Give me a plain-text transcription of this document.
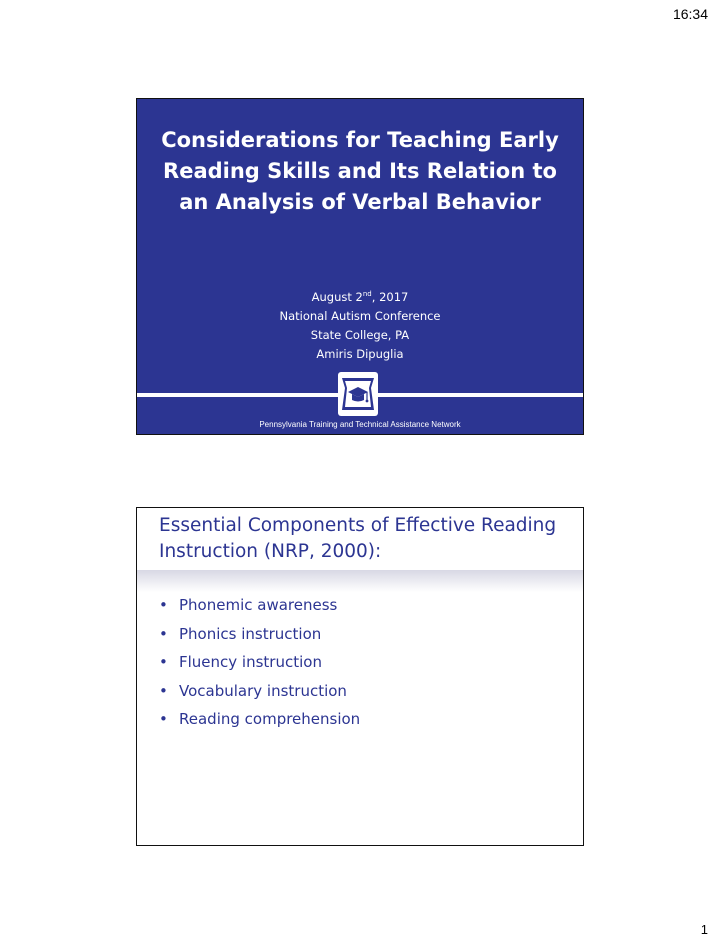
16:34
Considerations for Teaching Early Reading Skills and Its Relation to an Analysis of Verbal Behavior
August 2nd, 2017
National Autism Conference
State College, PA
Amiris Dipuglia
Pennsylvania Training and Technical Assistance Network
Essential Components of Effective Reading Instruction (NRP, 2000):
• Phonemic awareness
• Phonics instruction
• Fluency instruction
• Vocabulary instruction
• Reading comprehension
1
